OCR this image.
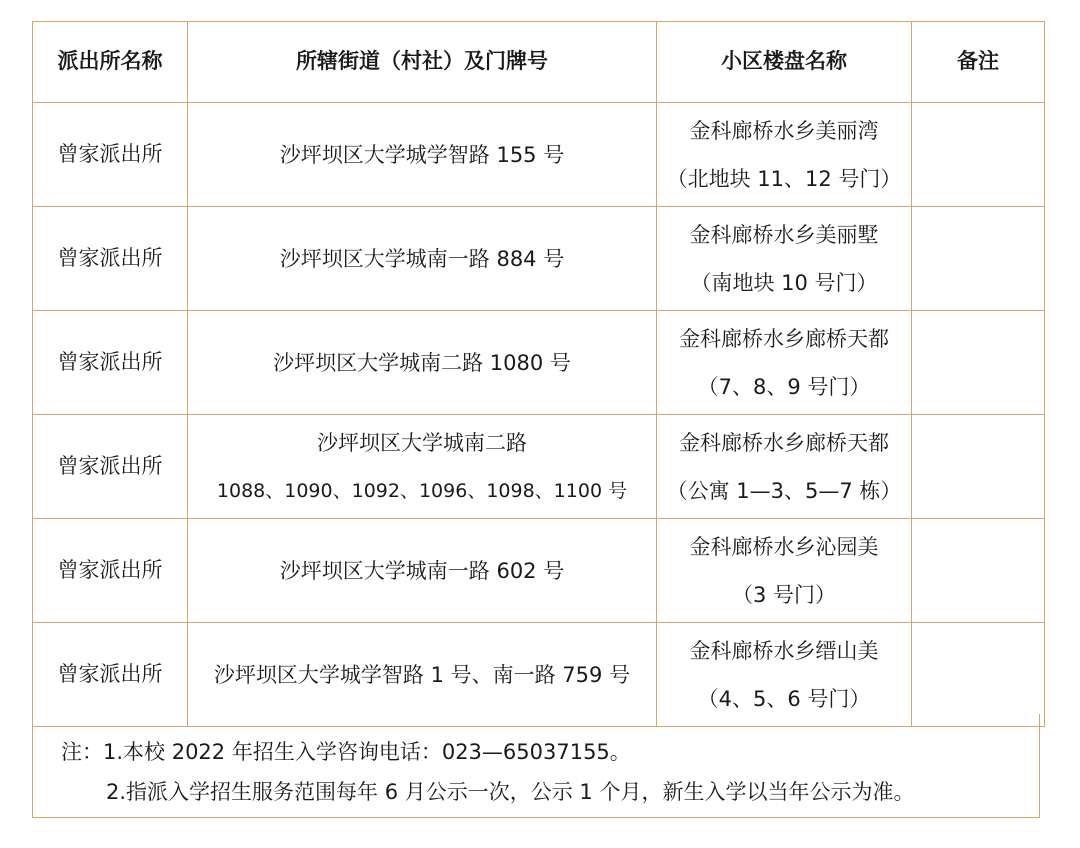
派出所名称	所辖街道（村社）及门牌号	小区楼盘名称	备注
曾家派出所	沙坪坝区大学城学智路 155 号	金科廊桥水乡美丽湾
（北地块 11、12 号门）	

曾家派出所	沙坪坝区大学城南一路 884 号	金科廊桥水乡美丽墅
（南地块 10 号门）	

曾家派出所	沙坪坝区大学城南二路 1080 号	金科廊桥水乡廊桥天都
（7、8、9 号门）	

曾家派出所	沙坪坝区大学城南二路
1088、1090、1092、1096、1098、1100 号	金科廊桥水乡廊桥天都
（公寓 1—3、5—7 栋）	

曾家派出所	沙坪坝区大学城南一路 602 号	金科廊桥水乡沁园美
（3 号门）	

曾家派出所	沙坪坝区大学城学智路 1 号、南一路 759 号	金科廊桥水乡缙山美
（4、5、6 号门）	

注：1.本校 2022 年招生入学咨询电话：023—65037155。
2.指派入学招生服务范围每年 6 月公示一次，公示 1 个月，新生入学以当年公示为准。
